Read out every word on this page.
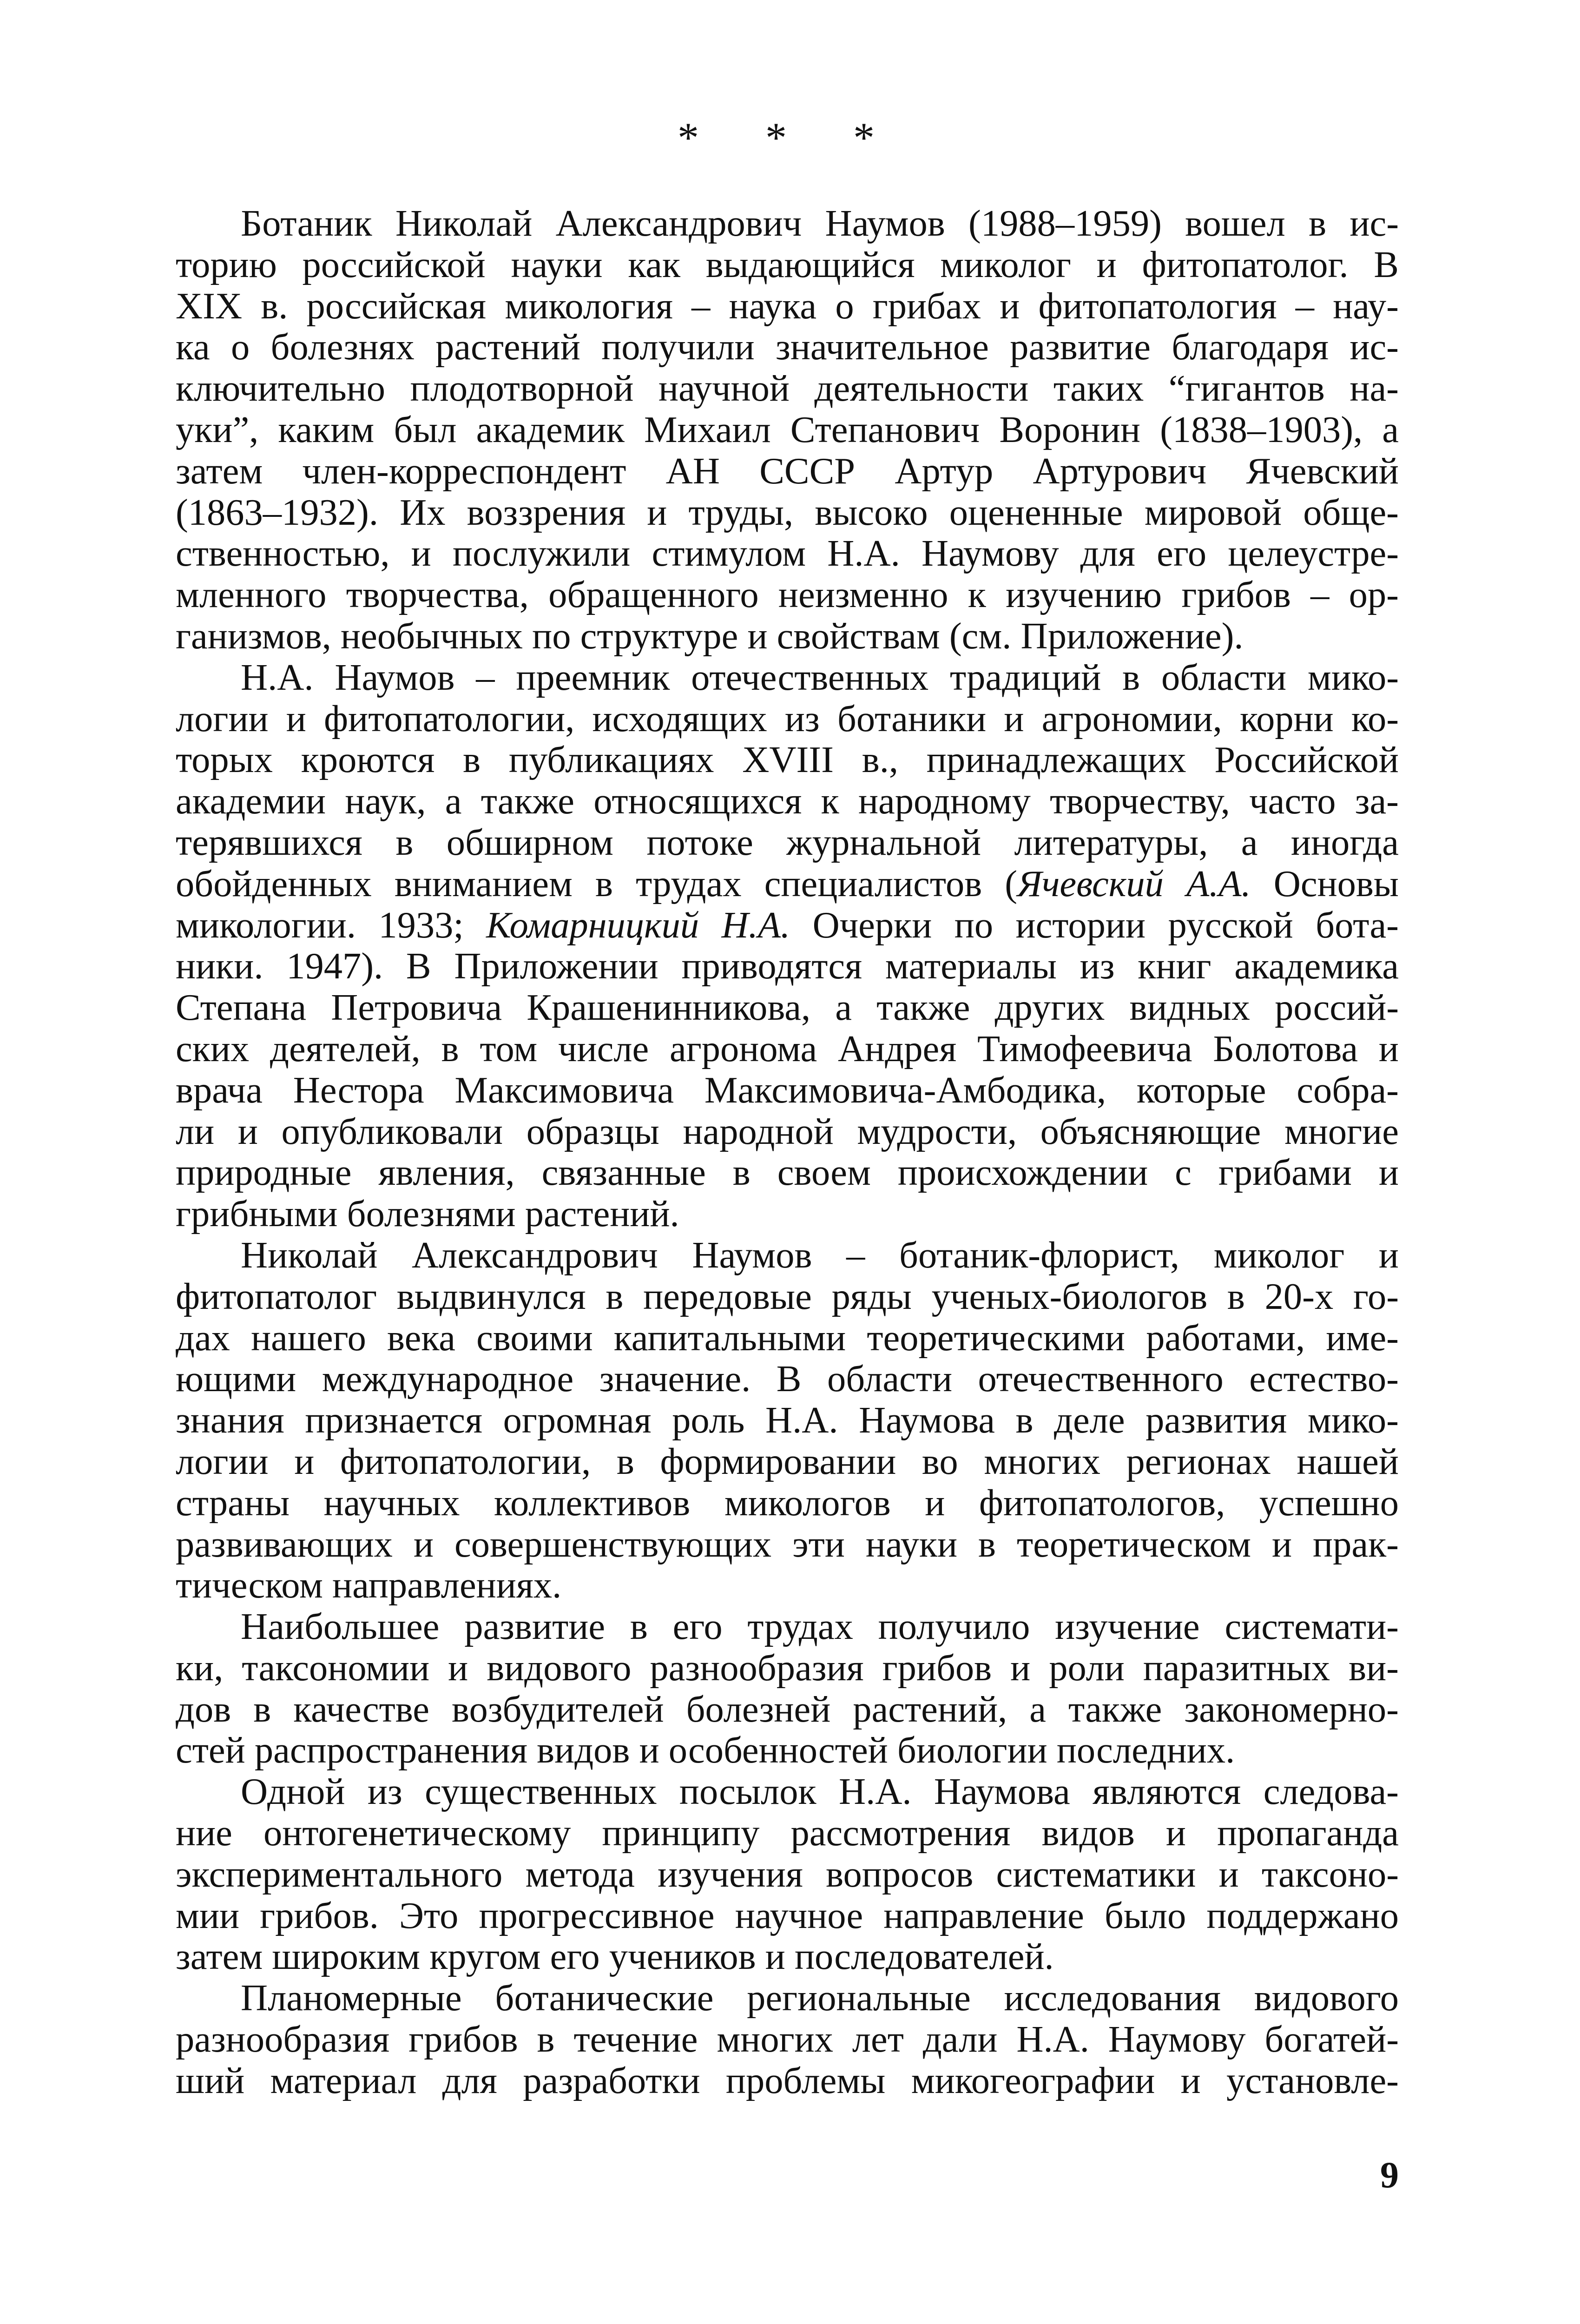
* * *
Ботаник Николай Александрович Наумов (1988–1959) вошел в ис-
торию российской науки как выдающийся миколог и фитопатолог. В
XIX в. российская микология – наука о грибах и фитопатология – нау-
ка о болезнях растений получили значительное развитие благодаря ис-
ключительно плодотворной научной деятельности таких “гигантов на-
уки”, каким был академик Михаил Степанович Воронин (1838–1903), а
затем член-корреспондент АН СССР Артур Артурович Ячевский
(1863–1932). Их воззрения и труды, высоко оцененные мировой обще-
ственностью, и послужили стимулом Н.А. Наумову для его целеустре-
мленного творчества, обращенного неизменно к изучению грибов – ор-
ганизмов, необычных по структуре и свойствам (см. Приложение).
Н.А. Наумов – преемник отечественных традиций в области мико-
логии и фитопатологии, исходящих из ботаники и агрономии, корни ко-
торых кроются в публикациях XVIII в., принадлежащих Российской
академии наук, а также относящихся к народному творчеству, часто за-
терявшихся в обширном потоке журнальной литературы, а иногда
обойденных вниманием в трудах специалистов (Ячевский А.А. Основы
микологии. 1933; Комарницкий Н.А. Очерки по истории русской бота-
ники. 1947). В Приложении приводятся материалы из книг академика
Степана Петровича Крашенинникова, а также других видных россий-
ских деятелей, в том числе агронома Андрея Тимофеевича Болотова и
врача Нестора Максимовича Максимовича-Амбодика, которые собра-
ли и опубликовали образцы народной мудрости, объясняющие многие
природные явления, связанные в своем происхождении с грибами и
грибными болезнями растений.
Николай Александрович Наумов – ботаник-флорист, миколог и
фитопатолог выдвинулся в передовые ряды ученых-биологов в 20-х го-
дах нашего века своими капитальными теоретическими работами, име-
ющими международное значение. В области отечественного естество-
знания признается огромная роль Н.А. Наумова в деле развития мико-
логии и фитопатологии, в формировании во многих регионах нашей
страны научных коллективов микологов и фитопатологов, успешно
развивающих и совершенствующих эти науки в теоретическом и прак-
тическом направлениях.
Наибольшее развитие в его трудах получило изучение системати-
ки, таксономии и видового разнообразия грибов и роли паразитных ви-
дов в качестве возбудителей болезней растений, а также закономерно-
стей распространения видов и особенностей биологии последних.
Одной из существенных посылок Н.А. Наумова являются следова-
ние онтогенетическому принципу рассмотрения видов и пропаганда
экспериментального метода изучения вопросов систематики и таксоно-
мии грибов. Это прогрессивное научное направление было поддержано
затем широким кругом его учеников и последователей.
Планомерные ботанические региональные исследования видового
разнообразия грибов в течение многих лет дали Н.А. Наумову богатей-
ший материал для разработки проблемы микогеографии и установле-
9
